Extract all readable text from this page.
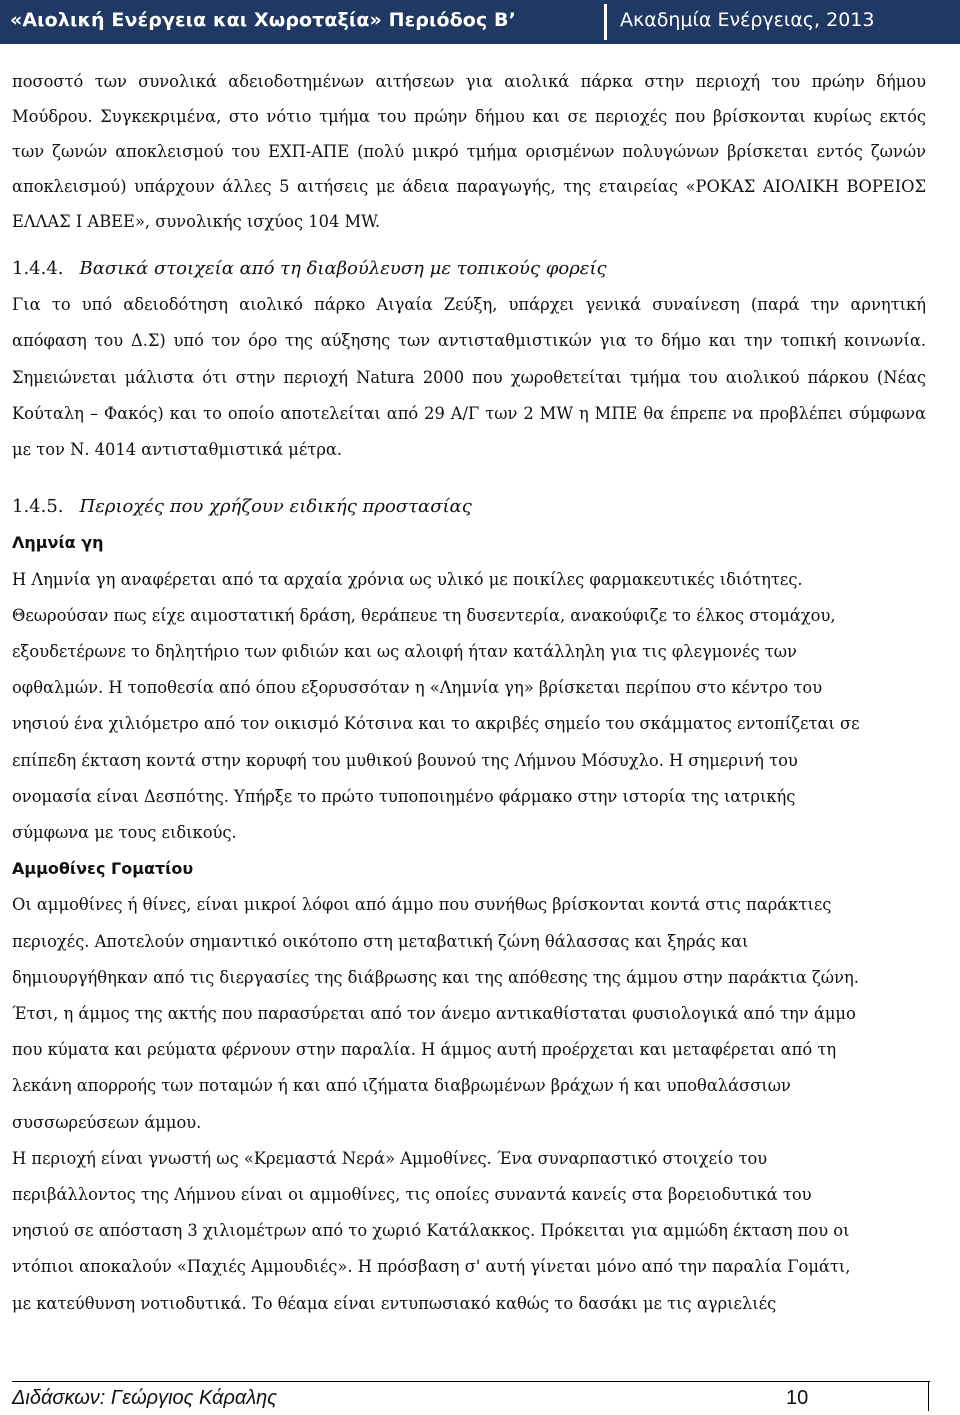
«Αιολική Ενέργεια και Χωροταξία» Περιόδος Β’	Ακαδημία Ενέργειας, 2013

ποσοστό των συνολικά αδειοδοτημένων αιτήσεων για αιολικά πάρκα στην περιοχή του πρώην δήμου Μούδρου. Συγκεκριμένα, στο νότιο τμήμα του πρώην δήμου και σε περιοχές που βρίσκονται κυρίως εκτός των ζωνών αποκλεισμού του ΕΧΠ-ΑΠΕ (πολύ μικρό τμήμα ορισμένων πολυγώνων βρίσκεται εντός ζωνών αποκλεισμού) υπάρχουν άλλες 5 αιτήσεις με άδεια παραγωγής, της εταιρείας «ΡΟΚΑΣ ΑΙΟΛΙΚΗ ΒΟΡΕΙΟΣ ΕΛΛΑΣ Ι ΑΒΕΕ», συνολικής ισχύος 104 MW.

1.4.4. Βασικά στοιχεία από τη διαβούλευση με τοπικούς φορείς

Για το υπό αδειοδότηση αιολικό πάρκο Αιγαία Ζεύξη, υπάρχει γενικά συναίνεση (παρά την αρνητική απόφαση του Δ.Σ) υπό τον όρο της αύξησης των αντισταθμιστικών για το δήμο και την τοπική κοινωνία. Σημειώνεται μάλιστα ότι στην περιοχή Natura 2000 που χωροθετείται τμήμα του αιολικού πάρκου (Νέας Κούταλη – Φακός) και το οποίο αποτελείται από 29 Α/Γ των 2 MW η ΜΠΕ θα έπρεπε να προβλέπει σύμφωνα με τον Ν. 4014 αντισταθμιστικά μέτρα.

1.4.5. Περιοχές που χρήζουν ειδικής προστασίας
Λημνία γη
Η Λημνία γη αναφέρεται από τα αρχαία χρόνια ως υλικό με ποικίλες φαρμακευτικές ιδιότητες.
Θεωρούσαν πως είχε αιμοστατική δράση, θεράπευε τη δυσεντερία, ανακούφιζε το έλκος στομάχου,
εξουδετέρωνε το δηλητήριο των φιδιών και ως αλοιφή ήταν κατάλληλη για τις φλεγμονές των
οφθαλμών. Η τοποθεσία από όπου εξορυσσόταν η «Λημνία γη» βρίσκεται περίπου στο κέντρο του
νησιού ένα χιλιόμετρο από τον οικισμό Κότσινα και το ακριβές σημείο του σκάμματος εντοπίζεται σε
επίπεδη έκταση κοντά στην κορυφή του μυθικού βουνού της Λήμνου Μόσυχλο. Η σημερινή του
ονομασία είναι Δεσπότης. Υπήρξε το πρώτο τυποποιημένο φάρμακο στην ιστορία της ιατρικής
σύμφωνα με τους ειδικούς.
Αμμοθίνες Γοματίου
Οι αμμοθίνες ή θίνες, είναι μικροί λόφοι από άμμο που συνήθως βρίσκονται κοντά στις παράκτιες
περιοχές. Αποτελούν σημαντικό οικότοπο στη μεταβατική ζώνη θάλασσας και ξηράς και
δημιουργήθηκαν από τις διεργασίες της διάβρωσης και της απόθεσης της άμμου στην παράκτια ζώνη.
Έτσι, η άμμος της ακτής που παρασύρεται από τον άνεμο αντικαθίσταται φυσιολογικά από την άμμο
που κύματα και ρεύματα φέρνουν στην παραλία. Η άμμος αυτή προέρχεται και μεταφέρεται από τη
λεκάνη απορροής των ποταμών ή και από ιζήματα διαβρωμένων βράχων ή και υποθαλάσσιων
συσσωρεύσεων άμμου.
Η περιοχή είναι γνωστή ως «Κρεμαστά Νερά» Αμμοθίνες. Ένα συναρπαστικό στοιχείο του
περιβάλλοντος της Λήμνου είναι οι αμμοθίνες, τις οποίες συναντά κανείς στα βορειοδυτικά του
νησιού σε απόσταση 3 χιλιομέτρων από το χωριό Κατάλακκος. Πρόκειται για αμμώδη έκταση που οι
ντόπιοι αποκαλούν «Παχιές Αμμουδιές». Η πρόσβαση σ' αυτή γίνεται μόνο από την παραλία Γομάτι,
με κατεύθυνση νοτιοδυτικά. Το θέαμα είναι εντυπωσιακό καθώς το δασάκι με τις αγριελιές
Διδάσκων: Γεώργιος Κάραλης	10
